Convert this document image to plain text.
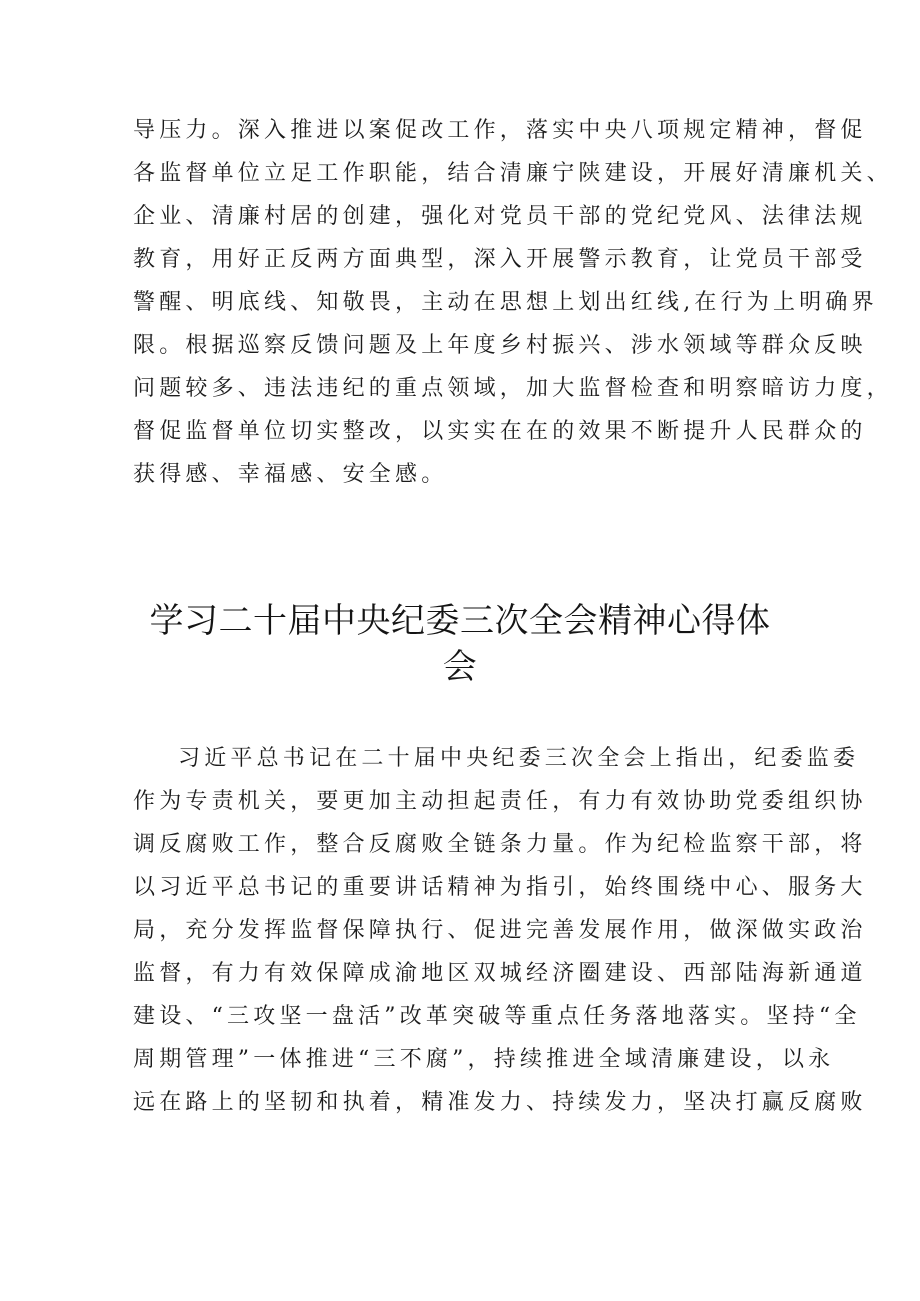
导压力。深入推进以案促改工作，落实中央八项规定精神，督促
各监督单位立足工作职能，结合清廉宁陕建设，开展好清廉机关、
企业、清廉村居的创建，强化对党员干部的党纪党风、法律法规
教育，用好正反两方面典型，深入开展警示教育，让党员干部受
警醒、明底线、知敬畏，主动在思想上划出红线,在行为上明确界
限。根据巡察反馈问题及上年度乡村振兴、涉水领域等群众反映
问题较多、违法违纪的重点领域，加大监督检查和明察暗访力度，
督促监督单位切实整改，以实实在在的效果不断提升人民群众的
获得感、幸福感、安全感。

学习二十届中央纪委三次全会精神心得体
会

习近平总书记在二十届中央纪委三次全会上指出，纪委监委
作为专责机关，要更加主动担起责任，有力有效协助党委组织协
调反腐败工作，整合反腐败全链条力量。作为纪检监察干部，将
以习近平总书记的重要讲话精神为指引，始终围绕中心、服务大
局，充分发挥监督保障执行、促进完善发展作用，做深做实政治
监督，有力有效保障成渝地区双城经济圈建设、西部陆海新通道
建设、“三攻坚一盘活”改革突破等重点任务落地落实。坚持“全
周期管理”一体推进“三不腐”，持续推进全域清廉建设，以永
远在路上的坚韧和执着，精准发力、持续发力，坚决打赢反腐败
